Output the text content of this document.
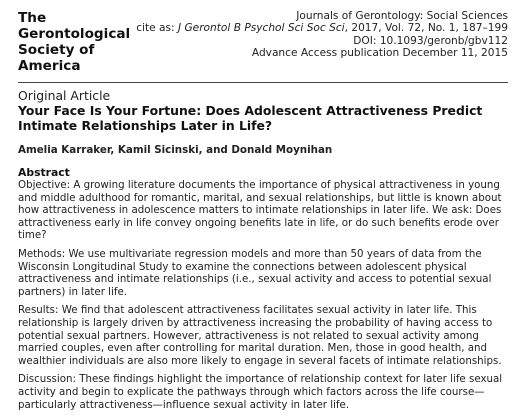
The Gerontological
Society of America
Journals of Gerontology: Social Sciences
cite as: J Gerontol B Psychol Sci Soc Sci, 2017, Vol. 72, No. 1, 187–199
DOI: 10.1093/geronb/gbv112
Advance Access publication December 11, 2015
Original Article
Your Face Is Your Fortune: Does Adolescent Attractiveness Predict Intimate Relationships Later in Life?
Amelia Karraker, Kamil Sicinski, and Donald Moynihan
Abstract

Objective: A growing literature documents the importance of physical attractiveness in young and middle adulthood for romantic, marital, and sexual relationships, but little is known about how attractiveness in adolescence matters to intimate relationships in later life. We ask: Does attractiveness early in life convey ongoing benefits late in life, or do such benefits erode over time?

Methods: We use multivariate regression models and more than 50 years of data from the Wisconsin Longitudinal Study to examine the connections between adolescent physical attractiveness and intimate relationships (i.e., sexual activity and access to potential sexual partners) in later life.

Results: We find that adolescent attractiveness facilitates sexual activity in later life. This relationship is largely driven by attractiveness increasing the probability of having access to potential sexual partners. However, attractiveness is not related to sexual activity among married couples, even after controlling for marital duration. Men, those in good health, and wealthier individuals are also more likely to engage in several facets of intimate relationships.

Discussion: These findings highlight the importance of relationship context for later life sexual activity and begin to explicate the pathways through which factors across the life course—particularly attractiveness—influence sexual activity in later life.
